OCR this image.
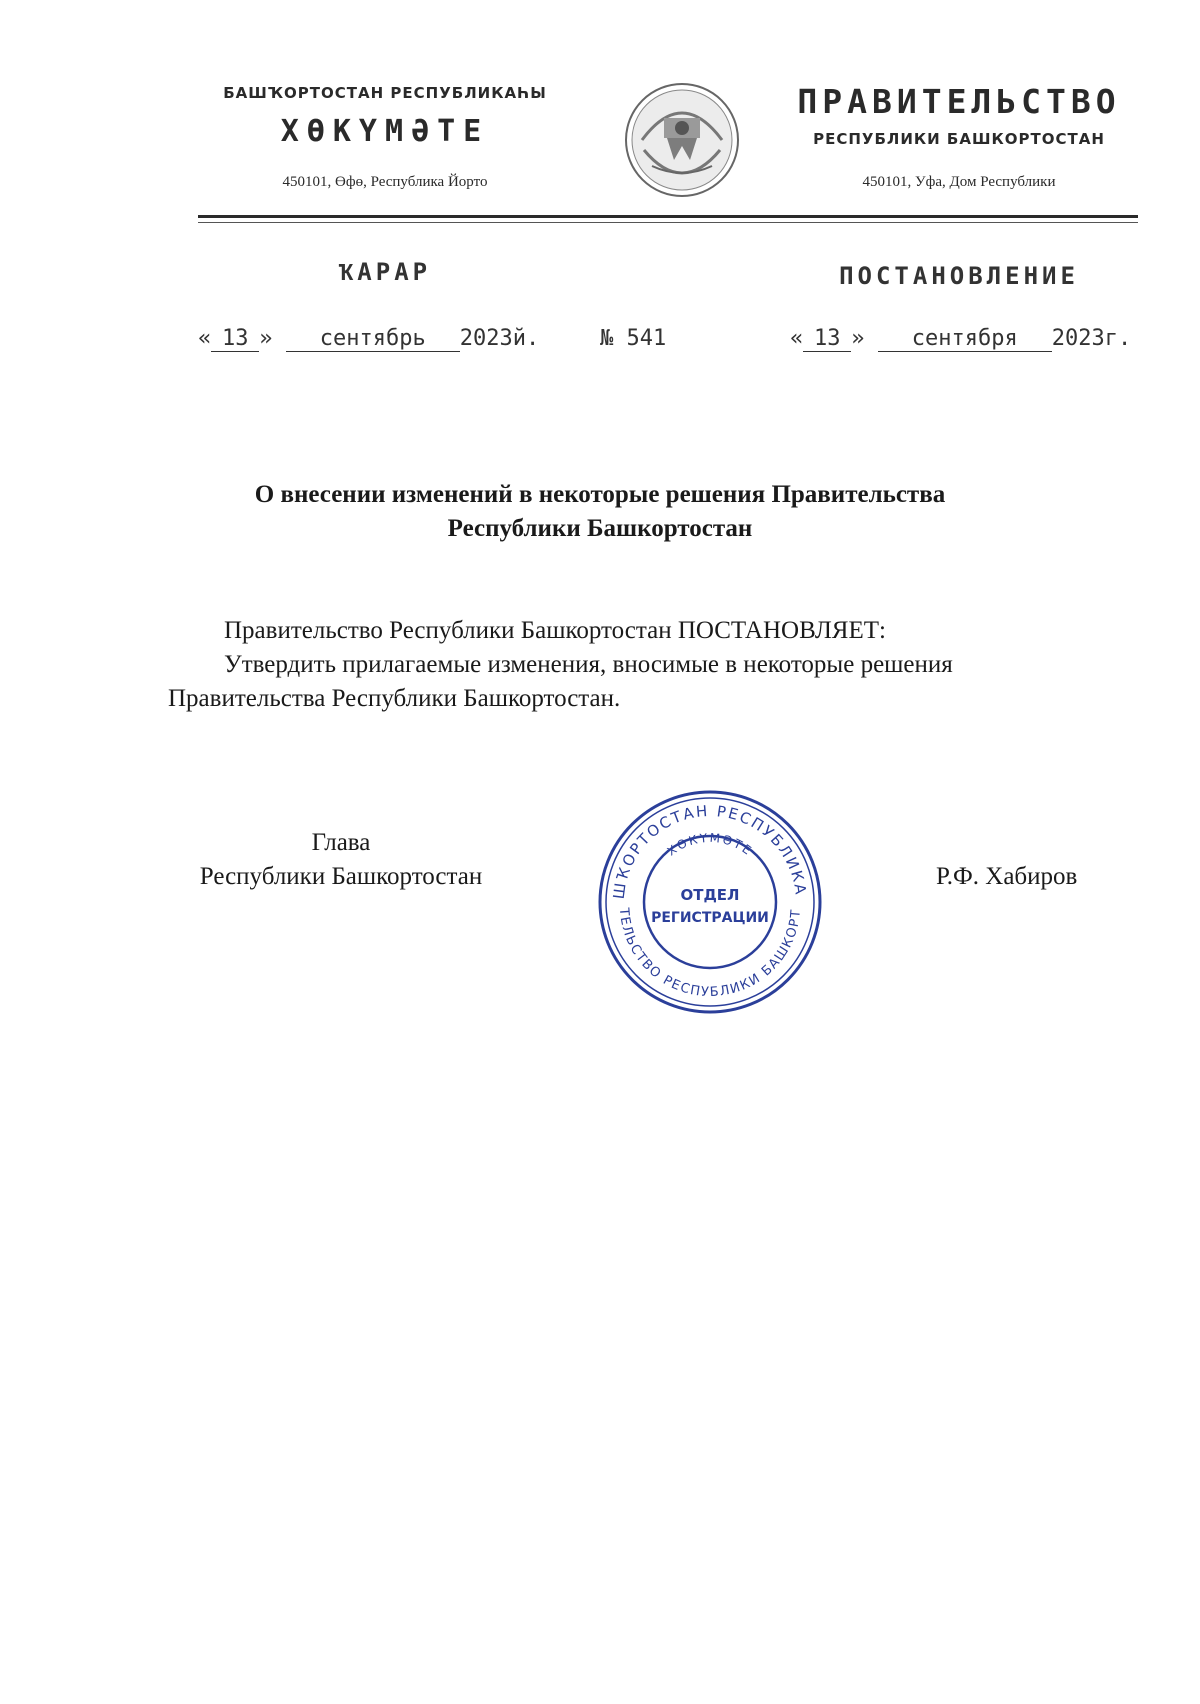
БАШҠОРТОСТАН РЕСПУБЛИКАҺЫ
ХӨКҮМӘТЕ
450101, Өфө, Республика Йорто
ПРАВИТЕЛЬСТВО
РЕСПУБЛИКИ БАШКОРТОСТАН
450101, Уфа, Дом Республики
ҠАРАР	ПОСТАНОВЛЕНИЕ
« 13 » сентябрь 2023й.	№ 541	« 13 » сентября 2023г.
О внесении изменений в некоторые решения Правительства
Республики Башкортостан
Правительство Республики Башкортостан ПОСТАНОВЛЯЕТ:
Утвердить прилагаемые изменения, вносимые в некоторые решения
Правительства Республики Башкортостан.
Глава
Республики Башкортостан	Р.Ф. Хабиров
ШҠОРТОСТАН РЕСПУБЛИКА
ХӨКҮМӘТЕ
ТЕЛЬСТВО РЕСПУБЛИКИ БАШКОРТ
ОТДЕЛ
РЕГИСТРАЦИИ
